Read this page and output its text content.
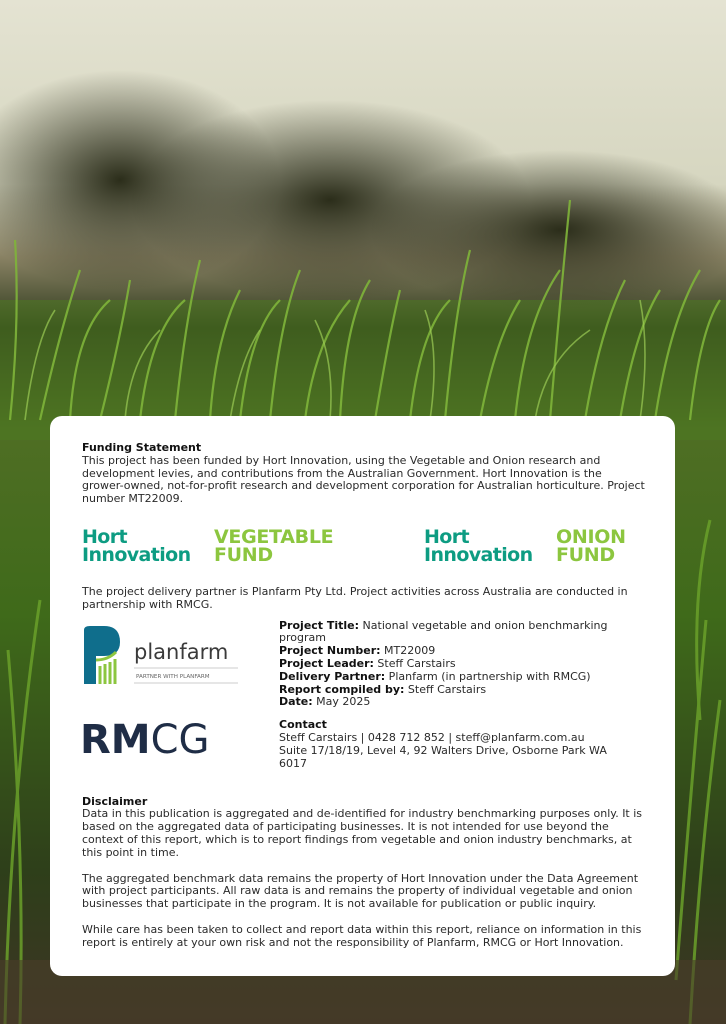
Funding Statement

This project has been funded by Hort Innovation, using the Vegetable and Onion research and development levies, and contributions from the Australian Government. Hort Innovation is the grower-owned, not-for-profit research and development corporation for Australian horticulture. Project number MT22009.

Hort
Innovation
VEGETABLE
FUND
Hort
Innovation
ONION
FUND

The project delivery partner is Planfarm Pty Ltd. Project activities across Australia are conducted in partnership with RMCG.

planfarm
PARTNER WITH PLANFARM
RMCG

Project Title: National vegetable and onion benchmarking program

Project Number: MT22009

Project Leader: Steff Carstairs

Delivery Partner: Planfarm (in partnership with RMCG)

Report compiled by: Steff Carstairs

Date: May 2025

Contact

Steff Carstairs | 0428 712 852 | steff@planfarm.com.au

Suite 17/18/19, Level 4, 92 Walters Drive, Osborne Park WA 6017

Disclaimer

Data in this publication is aggregated and de-identified for industry benchmarking purposes only. It is based on the aggregated data of participating businesses. It is not intended for use beyond the context of this report, which is to report findings from vegetable and onion industry benchmarks, at this point in time.

The aggregated benchmark data remains the property of Hort Innovation under the Data Agreement with project participants. All raw data is and remains the property of individual vegetable and onion businesses that participate in the program. It is not available for publication or public inquiry.

While care has been taken to collect and report data within this report, reliance on information in this report is entirely at your own risk and not the responsibility of Planfarm, RMCG or Hort Innovation.
